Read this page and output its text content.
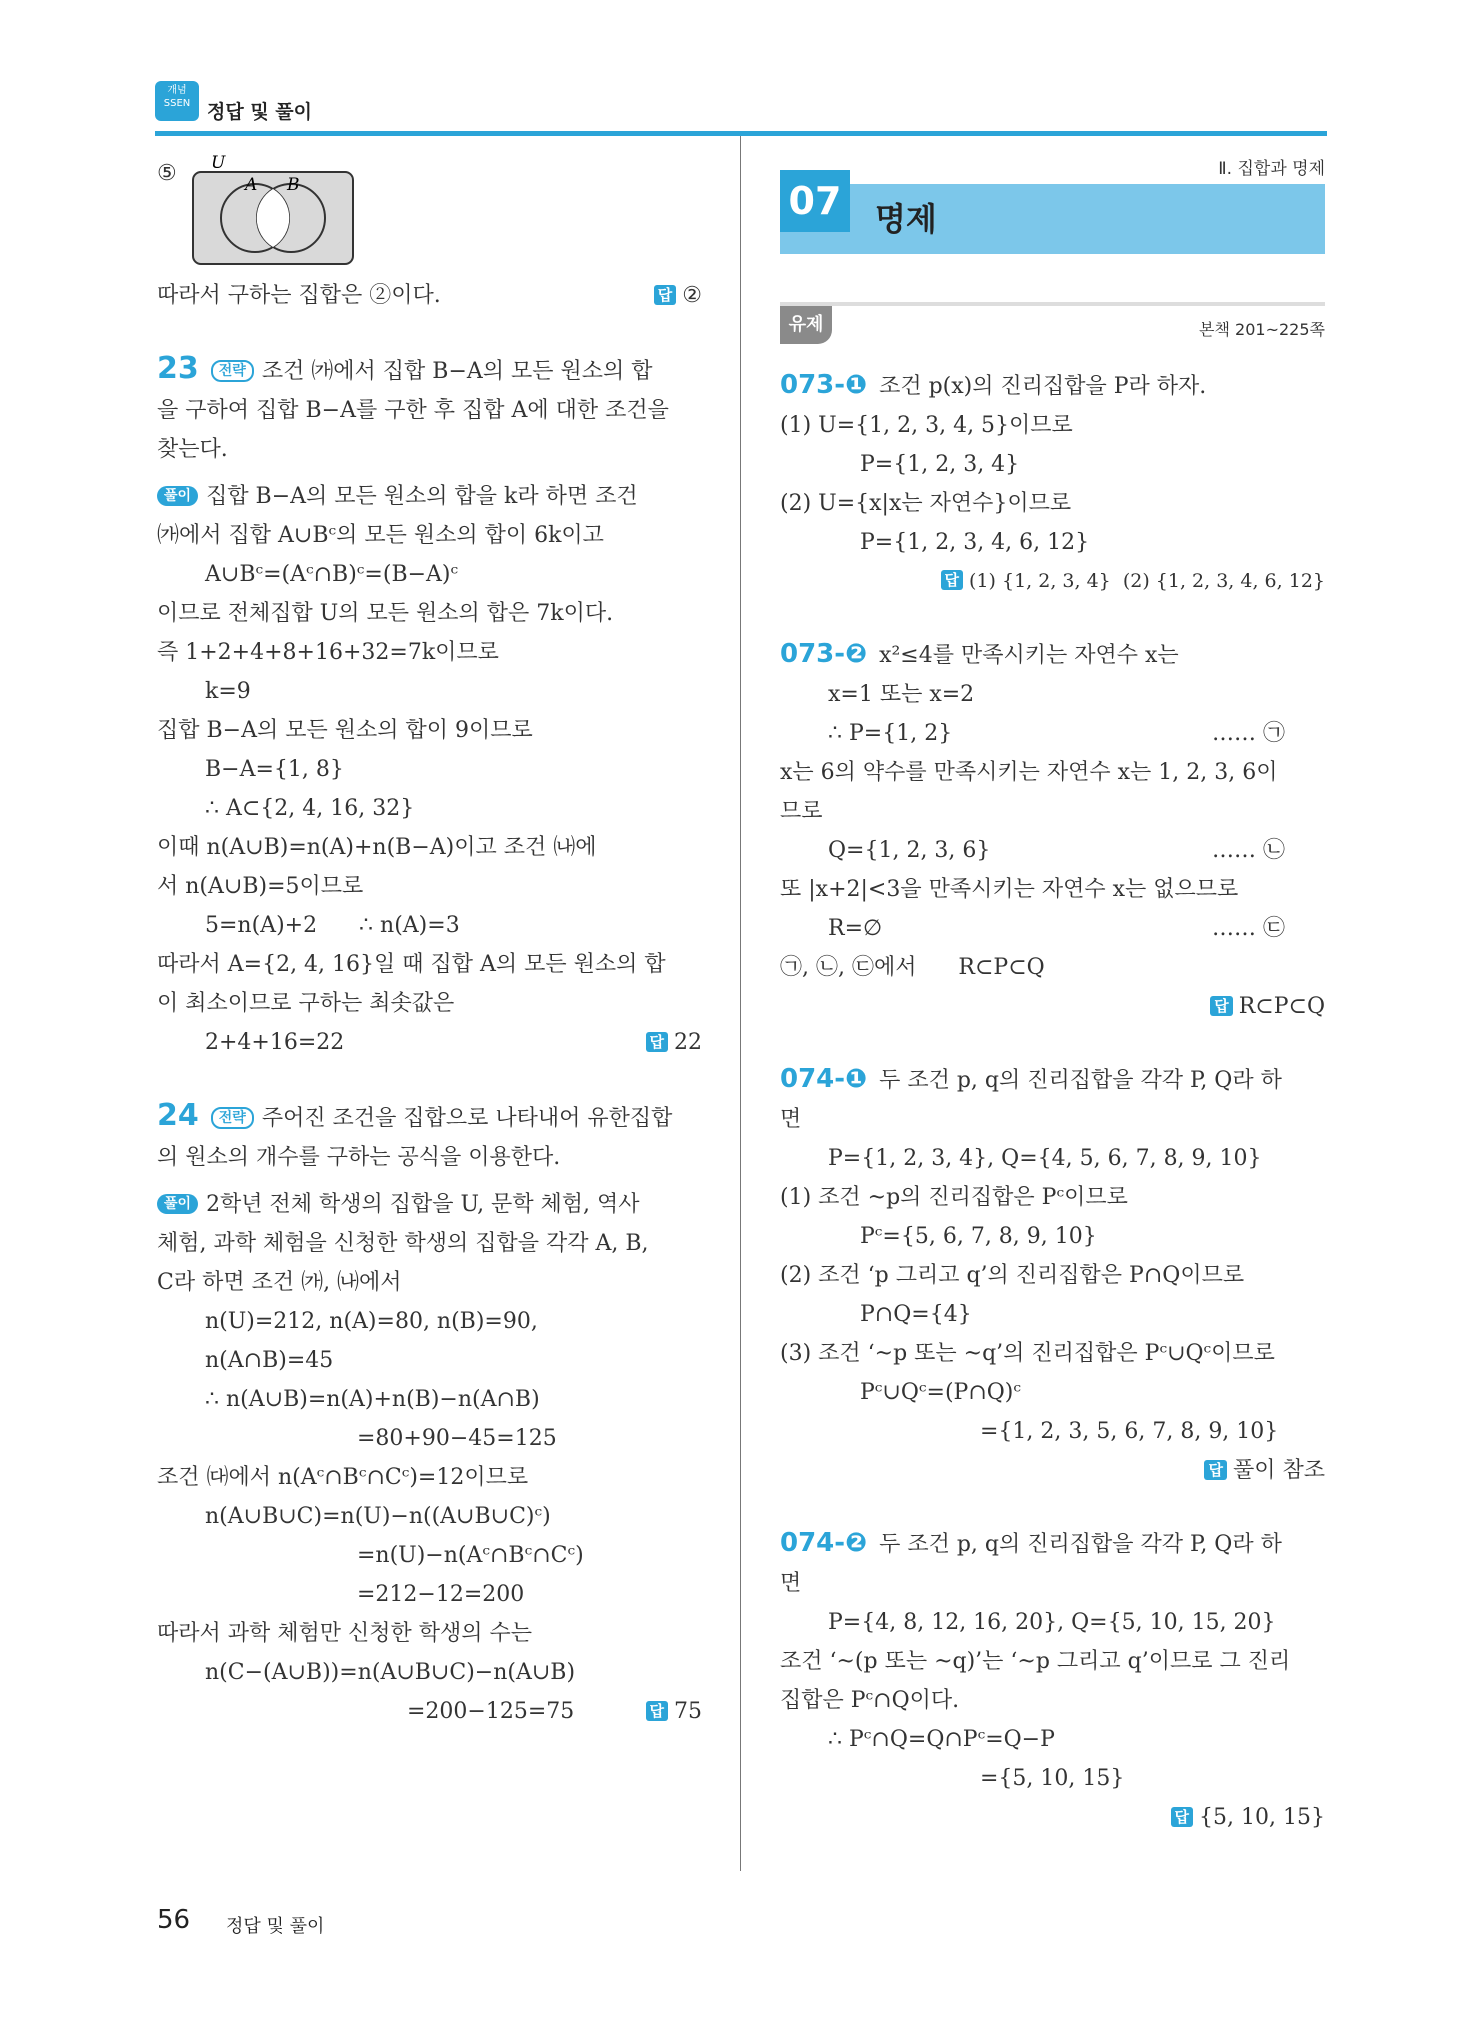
개념
SSEN 정답 및 풀이
⑤ U
A B
따라서 구하는 집합은 ②이다.	답 ②
23 전략 조건 ㈎에서 집합 B−A의 모든 원소의 합
을 구하여 집합 B−A를 구한 후 집합 A에 대한 조건을
찾는다.
풀이 집합 B−A의 모든 원소의 합을 k라 하면 조건
㈎에서 집합 A∪Bᶜ의 모든 원소의 합이 6k이고
A∪Bᶜ=(Aᶜ∩B)ᶜ=(B−A)ᶜ
이므로 전체집합 U의 모든 원소의 합은 7k이다.
즉 1+2+4+8+16+32=7k이므로
k=9
집합 B−A의 모든 원소의 합이 9이므로
B−A={1, 8}
∴ A⊂{2, 4, 16, 32}
이때 n(A∪B)=n(A)+n(B−A)이고 조건 ㈏에
서 n(A∪B)=5이므로
5=n(A)+2      ∴ n(A)=3
따라서 A={2, 4, 16}일 때 집합 A의 모든 원소의 합
이 최소이므로 구하는 최솟값은
2+4+16=22	답 22
24 전략 주어진 조건을 집합으로 나타내어 유한집합
의 원소의 개수를 구하는 공식을 이용한다.
풀이 2학년 전체 학생의 집합을 U, 문학 체험, 역사
체험, 과학 체험을 신청한 학생의 집합을 각각 A, B,
C라 하면 조건 ㈎, ㈏에서
n(U)=212, n(A)=80, n(B)=90,
n(A∩B)=45
∴ n(A∪B)=n(A)+n(B)−n(A∩B)
=80+90−45=125
조건 ㈐에서 n(Aᶜ∩Bᶜ∩Cᶜ)=12이므로
n(A∪B∪C)=n(U)−n((A∪B∪C)ᶜ)
=n(U)−n(Aᶜ∩Bᶜ∩Cᶜ)
=212−12=200
따라서 과학 체험만 신청한 학생의 수는
n(C−(A∪B))=n(A∪B∪C)−n(A∪B)
=200−125=75	답 75
Ⅱ. 집합과 명제
07 명제
유제	본책 201~225쪽
073-❶ 조건 p(x)의 진리집합을 P라 하자.
(1) U={1, 2, 3, 4, 5}이므로
P={1, 2, 3, 4}
(2) U={x|x는 자연수}이므로
P={1, 2, 3, 4, 6, 12}
답 (1) {1, 2, 3, 4}  (2) {1, 2, 3, 4, 6, 12}
073-❷ x²≤4를 만족시키는 자연수 x는
x=1 또는 x=2
∴ P={1, 2}	…… ㉠
x는 6의 약수를 만족시키는 자연수 x는 1, 2, 3, 6이
므로
Q={1, 2, 3, 6}	…… ㉡
또 |x+2|<3을 만족시키는 자연수 x는 없으므로
R=∅	…… ㉢
㉠, ㉡, ㉢에서      R⊂P⊂Q
답 R⊂P⊂Q
074-❶ 두 조건 p, q의 진리집합을 각각 P, Q라 하
면
P={1, 2, 3, 4}, Q={4, 5, 6, 7, 8, 9, 10}
(1) 조건 ~p의 진리집합은 Pᶜ이므로
Pᶜ={5, 6, 7, 8, 9, 10}
(2) 조건 ‘p 그리고 q’의 진리집합은 P∩Q이므로
P∩Q={4}
(3) 조건 ‘~p 또는 ~q’의 진리집합은 Pᶜ∪Qᶜ이므로
Pᶜ∪Qᶜ=(P∩Q)ᶜ
={1, 2, 3, 5, 6, 7, 8, 9, 10}
답 풀이 참조
074-❷ 두 조건 p, q의 진리집합을 각각 P, Q라 하
면
P={4, 8, 12, 16, 20}, Q={5, 10, 15, 20}
조건 ‘~(p 또는 ~q)’는 ‘~p 그리고 q’이므로 그 진리
집합은 Pᶜ∩Q이다.
∴ Pᶜ∩Q=Q∩Pᶜ=Q−P
={5, 10, 15}
답 {5, 10, 15}
56 정답 및 풀이
